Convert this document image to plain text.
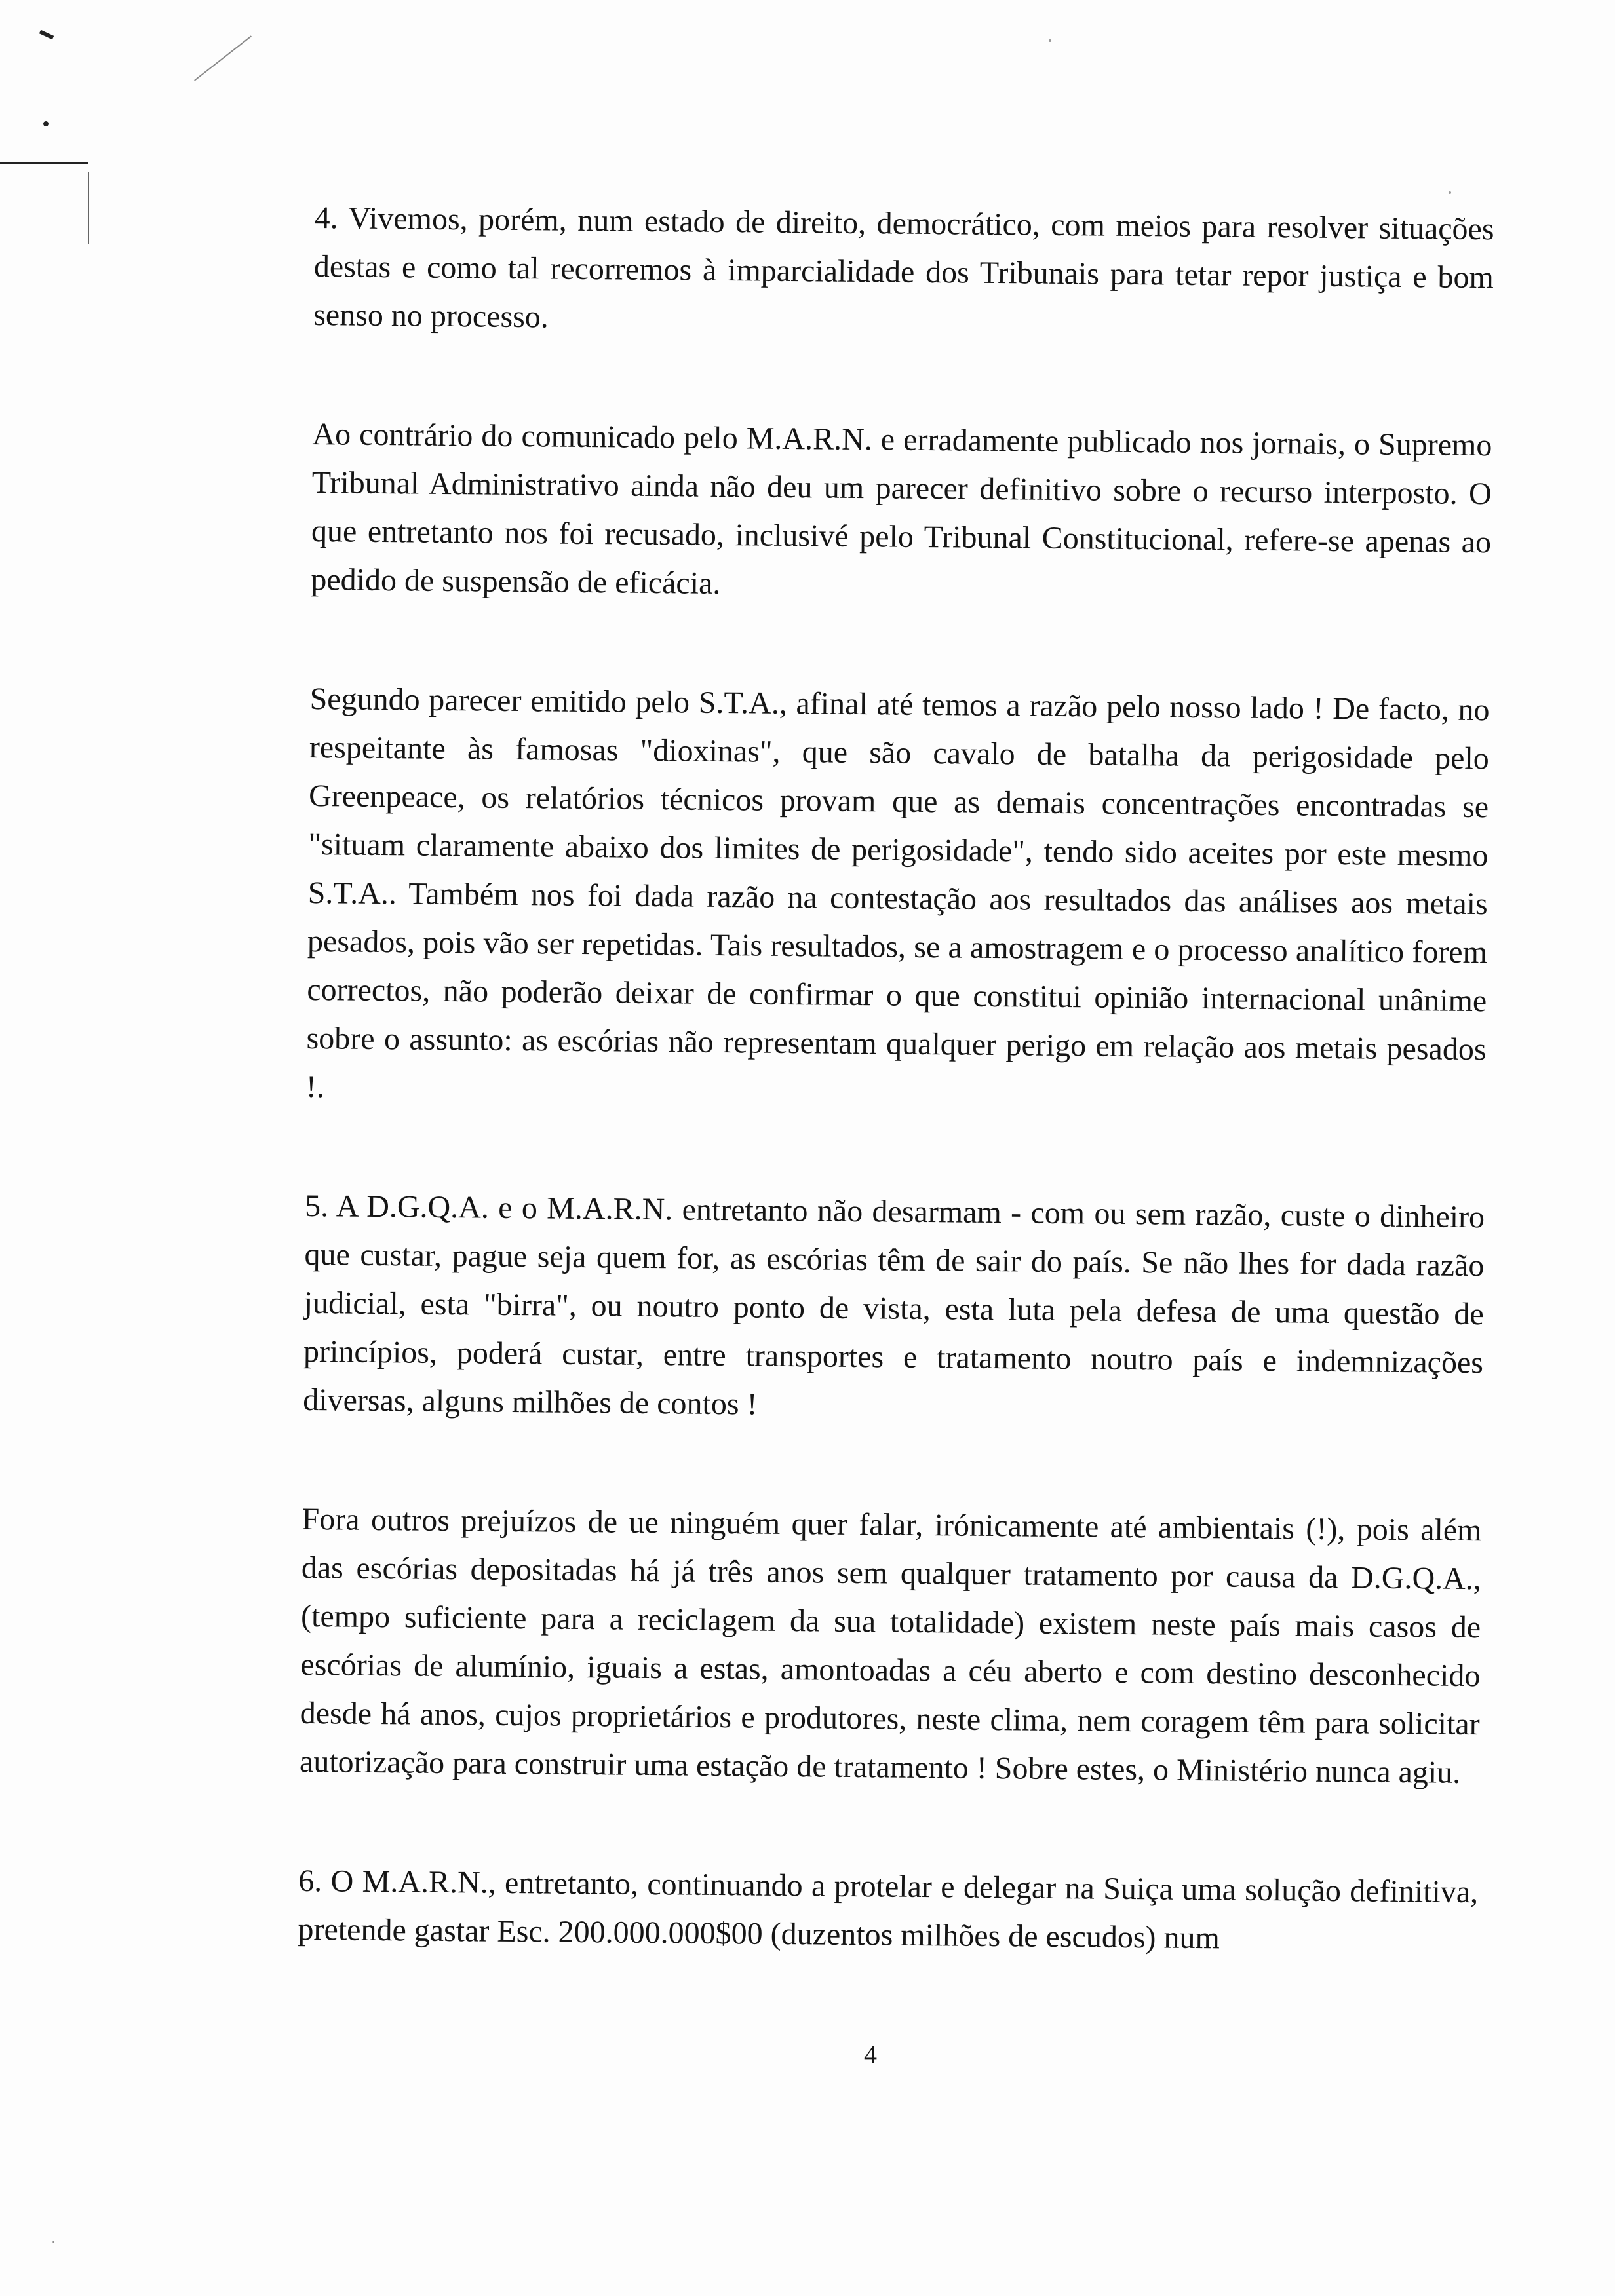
4. Vivemos, porém, num estado de direito, democrático, com meios para resolver situações destas e como tal recorremos à imparcialidade dos Tribunais para tetar repor justiça e bom senso no processo.

Ao contrário do comunicado pelo M.A.R.N. e erradamente publicado nos jornais, o Supremo Tribunal Administrativo ainda não deu um parecer definitivo sobre o recurso interposto. O que entretanto nos foi recusado, inclusivé pelo Tribunal Constitucional, refere-se apenas ao pedido de suspensão de eficácia.

Segundo parecer emitido pelo S.T.A., afinal até temos a razão pelo nosso lado ! De facto, no respeitante às famosas "dioxinas", que são cavalo de batalha da perigosidade pelo Greenpeace, os relatórios técnicos provam que as demais concentrações encontradas se "situam claramente abaixo dos limites de perigosidade", tendo sido aceites por este mesmo S.T.A.. Também nos foi dada razão na contestação aos resultados das análises aos metais pesados, pois vão ser repetidas. Tais resultados, se a amostragem e o processo analítico forem correctos, não poderão deixar de confirmar o que constitui opinião internacional unânime sobre o assunto: as escórias não representam qualquer perigo em relação aos metais pesados !.

5. A D.G.Q.A. e o M.A.R.N. entretanto não desarmam - com ou sem razão, custe o dinheiro que custar, pague seja quem for, as escórias têm de sair do país. Se não lhes for dada razão judicial, esta "birra", ou noutro ponto de vista, esta luta pela defesa de uma questão de princípios, poderá custar, entre transportes e tratamento noutro país e indemnizações diversas, alguns milhões de contos !

Fora outros prejuízos de ue ninguém quer falar, irónicamente até ambientais (!), pois além das escórias depositadas há já três anos sem qualquer tratamento por causa da D.G.Q.A., (tempo suficiente para a reciclagem da sua totalidade) existem neste país mais casos de escórias de alumínio, iguais a estas, amontoadas a céu aberto e com destino desconhecido desde há anos, cujos proprietários e produtores, neste clima, nem coragem têm para solicitar autorização para construir uma estação de tratamento ! Sobre estes, o Ministério nunca agiu.

6. O M.A.R.N., entretanto, continuando a protelar e delegar na Suiça uma solução definitiva, pretende gastar Esc. 200.000.000$00 (duzentos milhões de escudos) num

4
